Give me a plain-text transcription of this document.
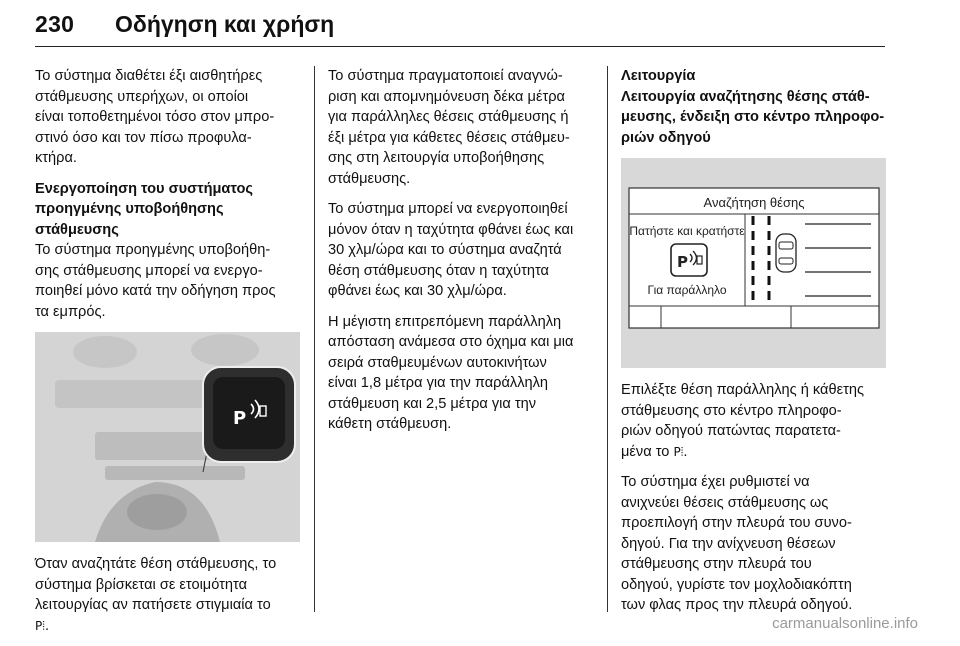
230 Οδήγηση και χρήση

Το σύστημα διαθέτει έξι αισθητήρες
στάθμευσης υπερήχων, οι οποίοι
είναι τοποθετημένοι τόσο στον μπρο-
στινό όσο και τον πίσω προφυλα-
κτήρα.

Ενεργοποίηση του συστήματος
προηγμένης υποβοήθησης
στάθμευσης

Το σύστημα προηγμένης υποβοήθη-
σης στάθμευσης μπορεί να ενεργο-
ποιηθεί μόνο κατά την οδήγηση προς
τα εμπρός.

P

Όταν αναζητάτε θέση στάθμευσης, το
σύστημα βρίσκεται σε ετοιμότητα
λειτουργίας αν πατήσετε στιγμιαία το
P⦙.

Το σύστημα πραγματοποιεί αναγνώ-
ριση και απομνημόνευση δέκα μέτρα
για παράλληλες θέσεις στάθμευσης ή
έξι μέτρα για κάθετες θέσεις στάθμευ-
σης στη λειτουργία υποβοήθησης
στάθμευσης.

Το σύστημα μπορεί να ενεργοποιηθεί
μόνον όταν η ταχύτητα φθάνει έως και
30 χλμ/ώρα και το σύστημα αναζητά
θέση στάθμευσης όταν η ταχύτητα
φθάνει έως και 30 χλμ/ώρα.

Η μέγιστη επιτρεπόμενη παράλληλη
απόσταση ανάμεσα στο όχημα και μια
σειρά σταθμευμένων αυτοκινήτων
είναι 1,8 μέτρα για την παράλληλη
στάθμευση και 2,5 μέτρα για την
κάθετη στάθμευση.

Λειτουργία
Λειτουργία αναζήτησης θέσης στάθ-
μευσης, ένδειξη στο κέντρο πληροφο-
ριών οδηγού
Αναζήτηση θέσης
Πατήστε και κρατήστε
P
Για παράλληλο

Επιλέξτε θέση παράλληλης ή κάθετης
στάθμευσης στο κέντρο πληροφο-
ριών οδηγού πατώντας παρατετα-
μένα το P⦙.

Το σύστημα έχει ρυθμιστεί να
ανιχνεύει θέσεις στάθμευσης ως
προεπιλογή στην πλευρά του συνο-
δηγού. Για την ανίχνευση θέσεων
στάθμευσης στην πλευρά του
οδηγού, γυρίστε τον μοχλοδιακόπτη
των φλας προς την πλευρά οδηγού.

carmanualsonline.info
